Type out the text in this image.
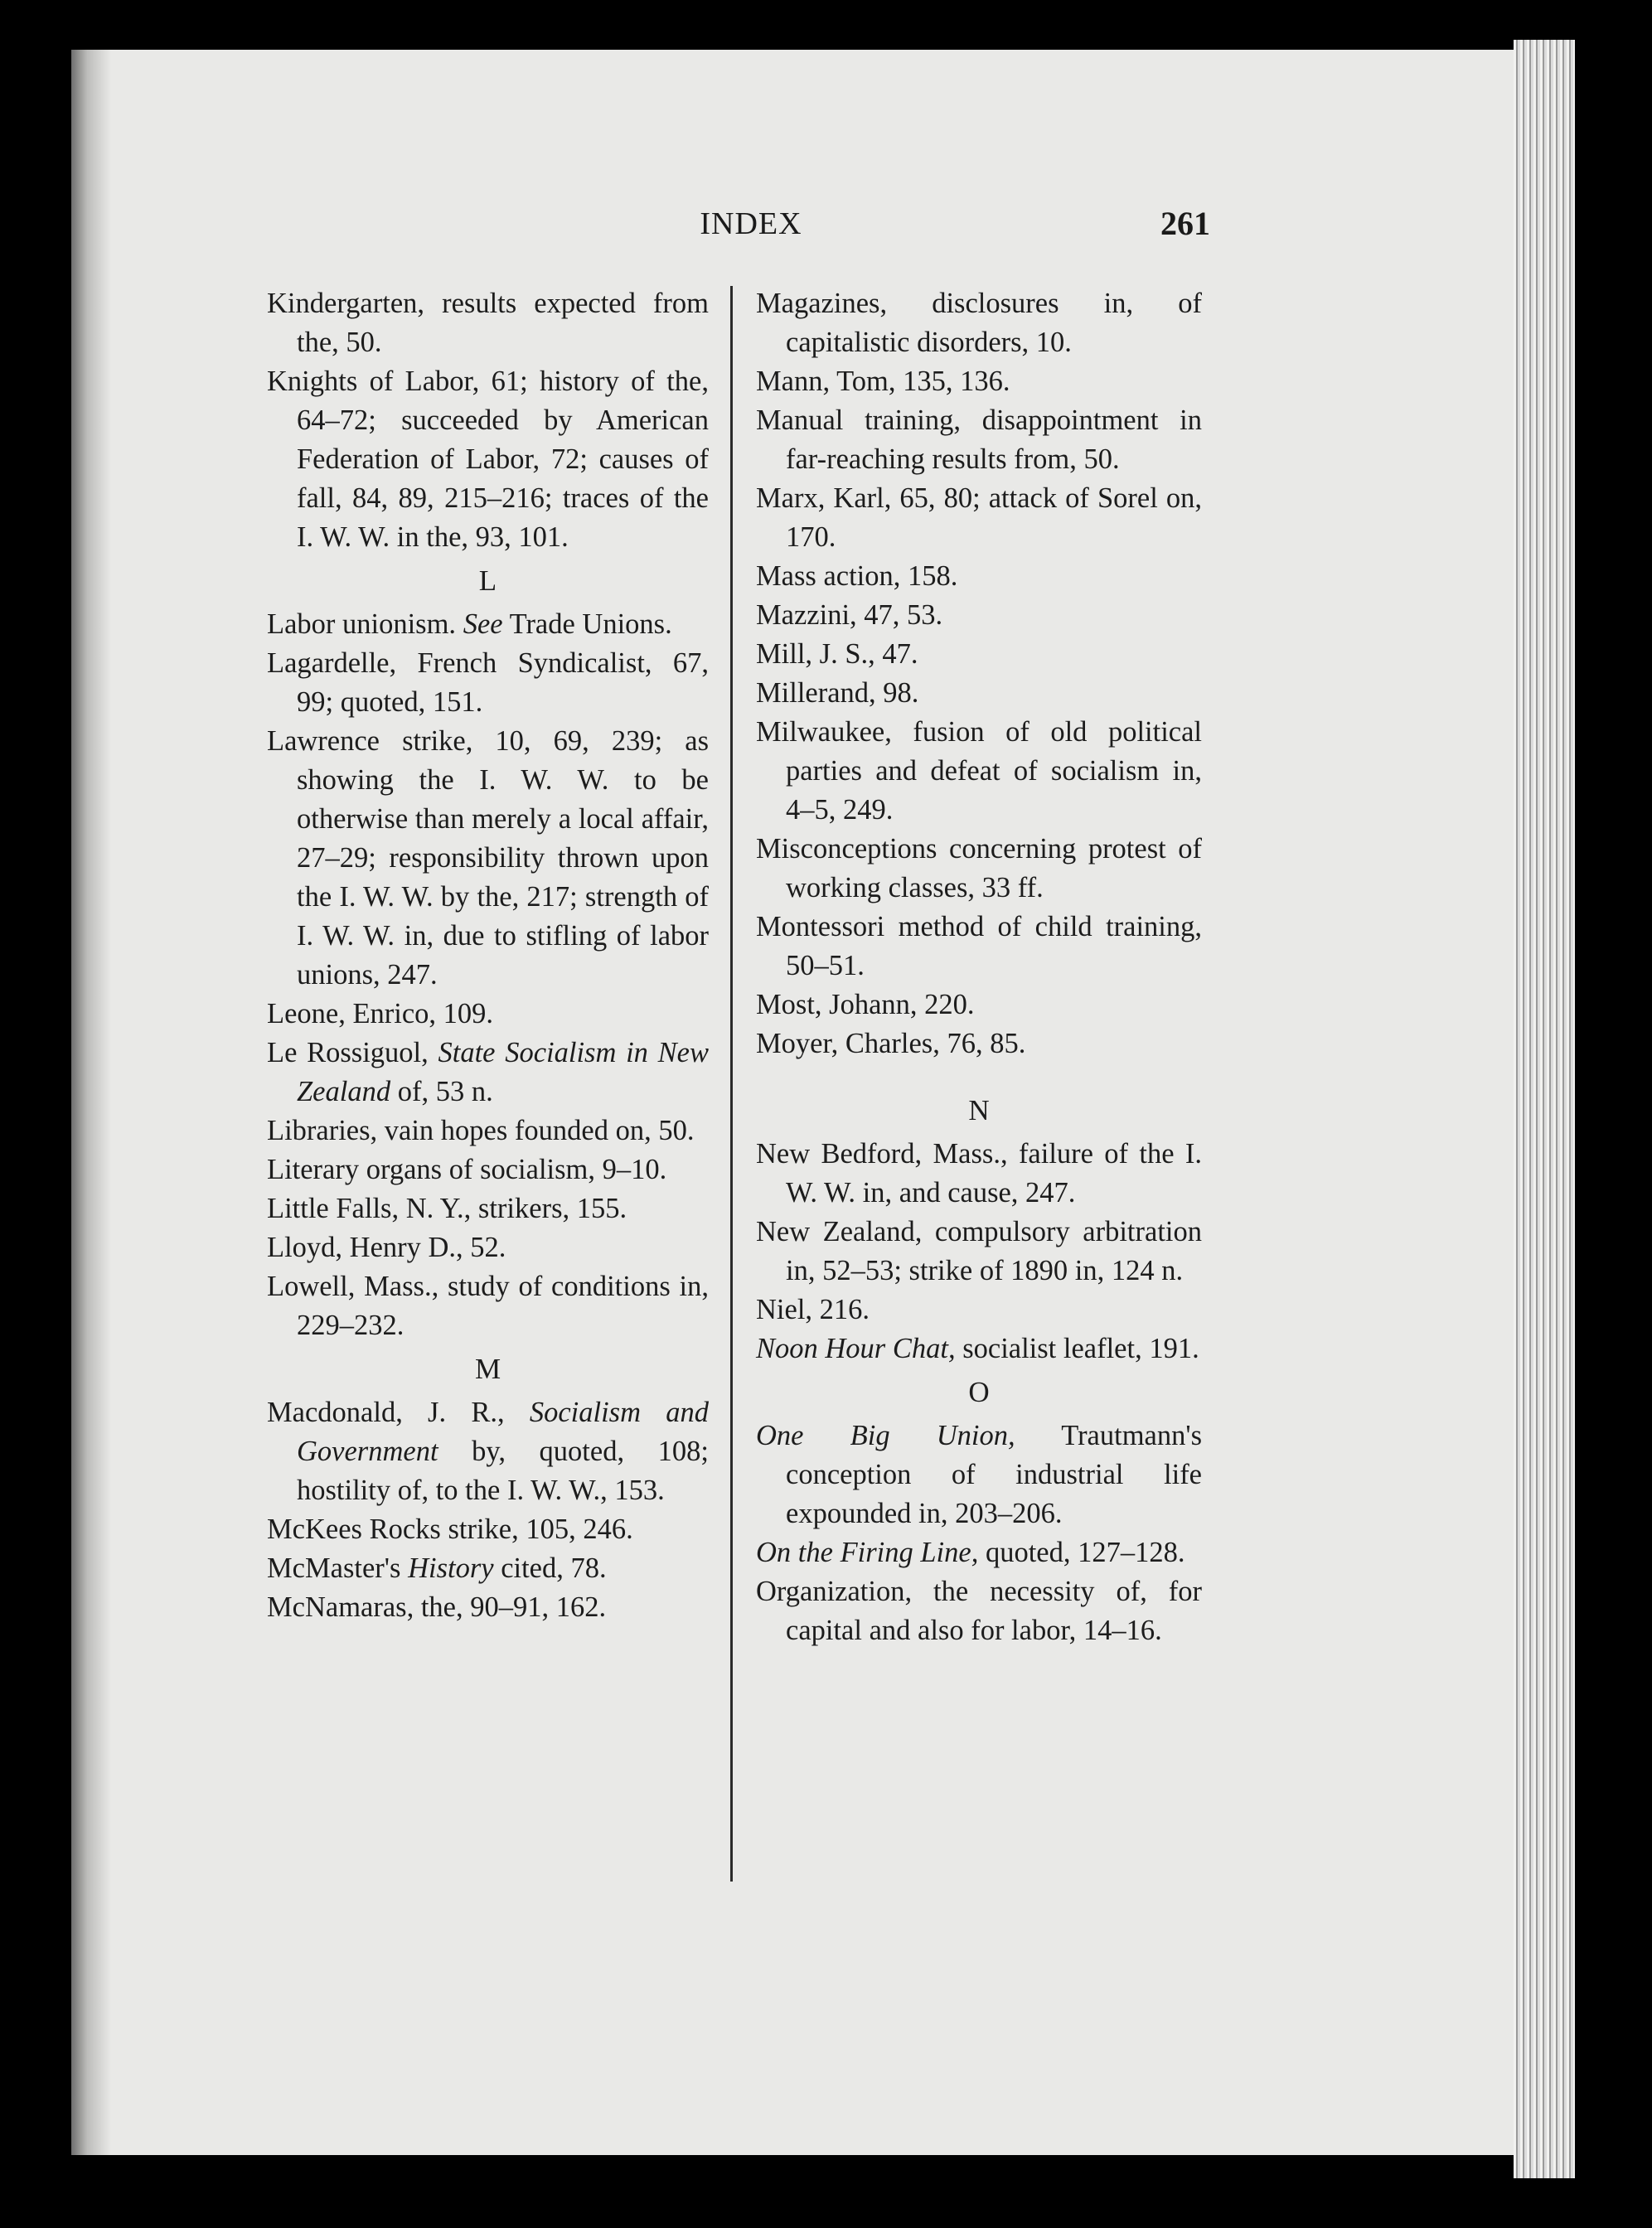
INDEX	261
Kindergarten, results expected from the, 50.
Knights of Labor, 61; history of the, 64–72; succeeded by American Federation of Labor, 72; causes of fall, 84, 89, 215–216; traces of the I. W. W. in the, 93, 101.
L
Labor unionism. See Trade Unions.
Lagardelle, French Syndicalist, 67, 99; quoted, 151.
Lawrence strike, 10, 69, 239; as showing the I. W. W. to be otherwise than merely a local affair, 27–29; responsibility thrown upon the I. W. W. by the, 217; strength of I. W. W. in, due to stifling of labor unions, 247.
Leone, Enrico, 109.
Le Rossiguol, State Socialism in New Zealand of, 53 n.
Libraries, vain hopes founded on, 50.
Literary organs of socialism, 9–10.
Little Falls, N. Y., strikers, 155.
Lloyd, Henry D., 52.
Lowell, Mass., study of conditions in, 229–232.
M
Macdonald, J. R., Socialism and Government by, quoted, 108; hostility of, to the I. W. W., 153.
McKees Rocks strike, 105, 246.
McMaster's History cited, 78.
McNamaras, the, 90–91, 162.
Magazines, disclosures in, of capitalistic disorders, 10.
Mann, Tom, 135, 136.
Manual training, disappointment in far-reaching results from, 50.
Marx, Karl, 65, 80; attack of Sorel on, 170.
Mass action, 158.
Mazzini, 47, 53.
Mill, J. S., 47.
Millerand, 98.
Milwaukee, fusion of old political parties and defeat of socialism in, 4–5, 249.
Misconceptions concerning protest of working classes, 33 ff.
Montessori method of child training, 50–51.
Most, Johann, 220.
Moyer, Charles, 76, 85.
N
New Bedford, Mass., failure of the I. W. W. in, and cause, 247.
New Zealand, compulsory arbitration in, 52–53; strike of 1890 in, 124 n.
Niel, 216.
Noon Hour Chat, socialist leaflet, 191.
O
One Big Union, Trautmann's conception of industrial life expounded in, 203–206.
On the Firing Line, quoted, 127–128.
Organization, the necessity of, for capital and also for labor, 14–16.
